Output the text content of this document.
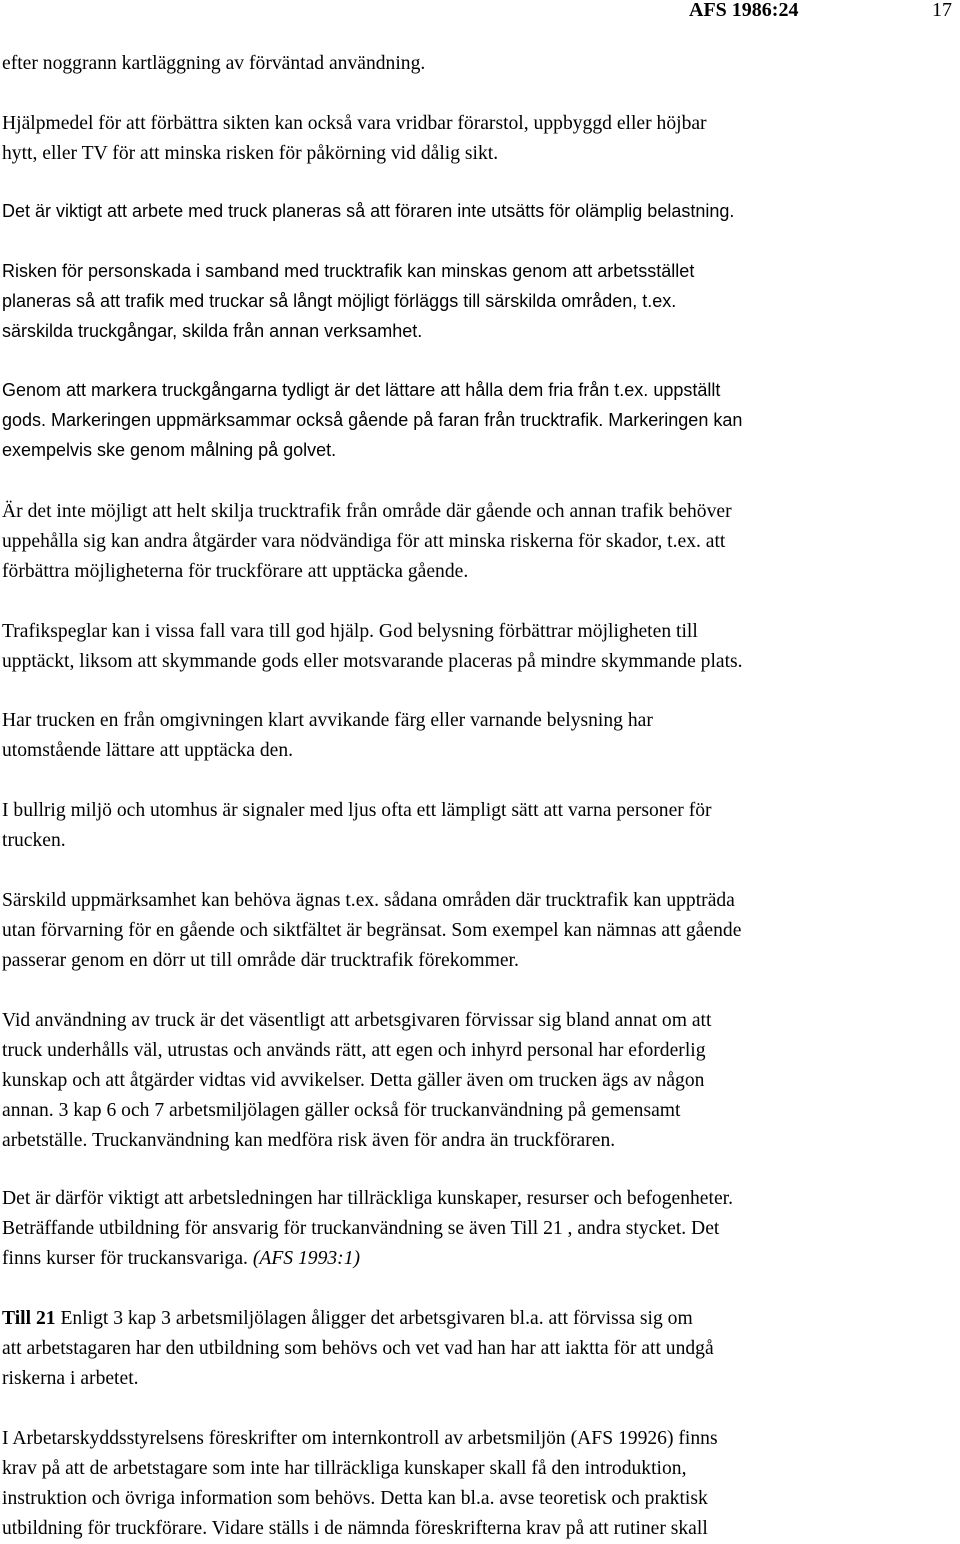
AFS 1986:24	17

efter noggrann kartläggning av förväntad användning.

Hjälpmedel för att förbättra sikten kan också vara vridbar förarstol, uppbyggd eller höjbar
hytt, eller TV för att minska risken för påkörning vid dålig sikt.

Det är viktigt att arbete med truck planeras så att föraren inte utsätts för olämplig belastning.

Risken för personskada i samband med trucktrafik kan minskas genom att arbetsstället
planeras så att trafik med truckar så långt möjligt förläggs till särskilda områden, t.ex.
särskilda truckgångar, skilda från annan verksamhet.

Genom att markera truckgångarna tydligt är det lättare att hålla dem fria från t.ex. uppställt
gods. Markeringen uppmärksammar också gående på faran från trucktrafik. Markeringen kan
exempelvis ske genom målning på golvet.

Är det inte möjligt att helt skilja trucktrafik från område där gående och annan trafik behöver
uppehålla sig kan andra åtgärder vara nödvändiga för att minska riskerna för skador, t.ex. att
förbättra möjligheterna för truckförare att upptäcka gående.

Trafikspeglar kan i vissa fall vara till god hjälp. God belysning förbättrar möjligheten till
upptäckt, liksom att skymmande gods eller motsvarande placeras på mindre skymmande plats.

Har trucken en från omgivningen klart avvikande färg eller varnande belysning har
utomstående lättare att upptäcka den.

I bullrig miljö och utomhus är signaler med ljus ofta ett lämpligt sätt att varna personer för
trucken.

Särskild uppmärksamhet kan behöva ägnas t.ex. sådana områden där trucktrafik kan uppträda
utan förvarning för en gående och siktfältet är begränsat. Som exempel kan nämnas att gående
passerar genom en dörr ut till område där trucktrafik förekommer.

Vid användning av truck är det väsentligt att arbetsgivaren förvissar sig bland annat om att
truck underhålls väl, utrustas och används rätt, att egen och inhyrd personal har eforderlig
kunskap och att åtgärder vidtas vid avvikelser. Detta gäller även om trucken ägs av någon
annan. 3 kap 6 och 7 arbetsmiljölagen gäller också för truckanvändning på gemensamt
arbetställe. Truckanvändning kan medföra risk även för andra än truckföraren.

Det är därför viktigt att arbetsledningen har tillräckliga kunskaper, resurser och befogenheter.
Beträffande utbildning för ansvarig för truckanvändning se även Till 21 , andra stycket. Det
finns kurser för truckansvariga. (AFS 1993:1)

Till 21 Enligt 3 kap 3 arbetsmiljölagen åligger det arbetsgivaren bl.a. att förvissa sig om
att arbetstagaren har den utbildning som behövs och vet vad han har att iaktta för att undgå
riskerna i arbetet.

I Arbetarskyddsstyrelsens föreskrifter om internkontroll av arbetsmiljön (AFS 19926) finns
krav på att de arbetstagare som inte har tillräckliga kunskaper skall få den introduktion,
instruktion och övriga information som behövs. Detta kan bl.a. avse teoretisk och praktisk
utbildning för truckförare. Vidare ställs i de nämnda föreskrifterna krav på att rutiner skall
